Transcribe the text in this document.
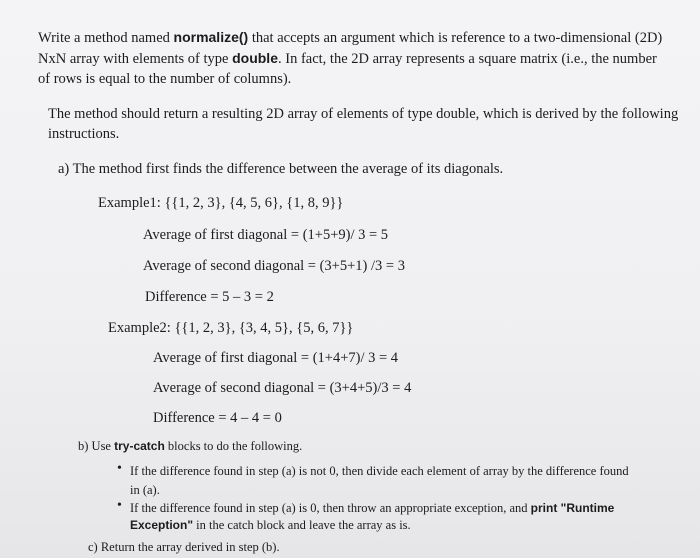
Write a method named normalize() that accepts an argument which is reference to a two-dimensional (2D)
NxN array with elements of type double. In fact, the 2D array represents a square matrix (i.e., the number
of rows is equal to the number of columns).
The method should return a resulting 2D array of elements of type double, which is derived by the following
instructions.
a) The method first finds the difference between the average of its diagonals.
Example1: {{1, 2, 3}, {4, 5, 6}, {1, 8, 9}}
Average of first diagonal = (1+5+9)/ 3 = 5
Average of second diagonal = (3+5+1) /3 = 3
Difference = 5 – 3 = 2
Example2: {{1, 2, 3}, {3, 4, 5}, {5, 6, 7}}
Average of first diagonal = (1+4+7)/ 3 = 4
Average of second diagonal = (3+4+5)/3 = 4
Difference = 4 – 4 = 0
b) Use try-catch blocks to do the following.
• If the difference found in step (a) is not 0, then divide each element of array by the difference found
in (a).
• If the difference found in step (a) is 0, then throw an appropriate exception, and print "Runtime
Exception" in the catch block and leave the array as is.
c) Return the array derived in step (b).
